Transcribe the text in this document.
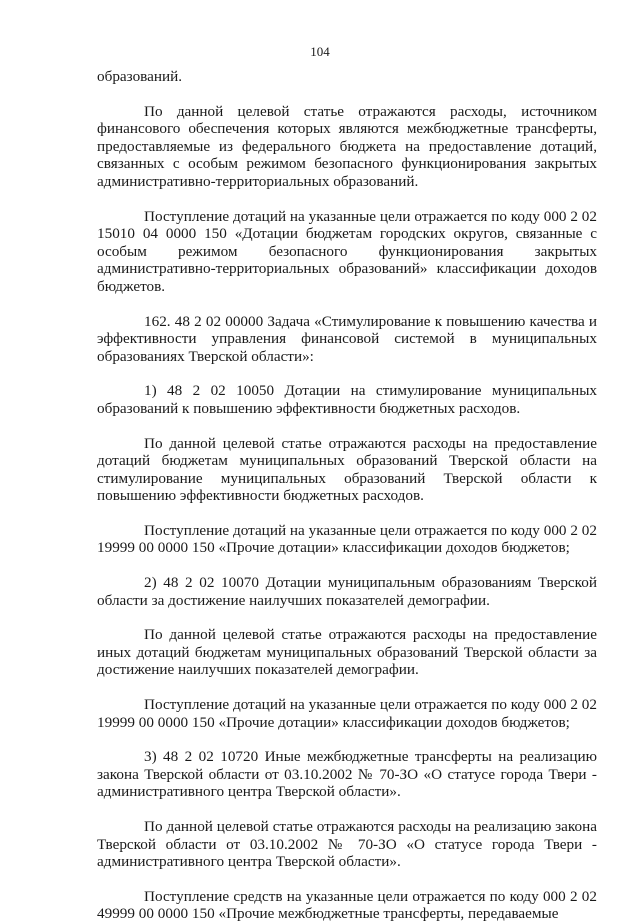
104

образований.

По данной целевой статье отражаются расходы, источником финансового обеспечения которых являются межбюджетные трансферты, предоставляемые из федерального бюджета на предоставление дотаций, связанных с особым режимом безопасного функционирования закрытых административно-территориальных образований.

Поступление дотаций на указанные цели отражается по коду 000 2 02 15010 04 0000 150 «Дотации бюджетам городских округов, связанные с особым режимом безопасного функционирования закрытых административно-территориальных образований» классификации доходов бюджетов.

162. 48 2 02 00000 Задача «Стимулирование к повышению качества и эффективности управления финансовой системой в муниципальных образованиях Тверской области»:

1) 48 2 02 10050 Дотации на стимулирование муниципальных образований к повышению эффективности бюджетных расходов.

По данной целевой статье отражаются расходы на предоставление дотаций бюджетам муниципальных образований Тверской области на стимулирование муниципальных образований Тверской области к повышению эффективности бюджетных расходов.

Поступление дотаций на указанные цели отражается по коду 000 2 02 19999 00 0000 150 «Прочие дотации» классификации доходов бюджетов;

2) 48 2 02 10070 Дотации муниципальным образованиям Тверской области за достижение наилучших показателей демографии.

По данной целевой статье отражаются расходы на предоставление иных дотаций бюджетам муниципальных образований Тверской области за достижение наилучших показателей демографии.

Поступление дотаций на указанные цели отражается по коду 000 2 02 19999 00 0000 150 «Прочие дотации» классификации доходов бюджетов;

3) 48 2 02 10720 Иные межбюджетные трансферты на реализацию закона Тверской области от 03.10.2002 № 70-ЗО «О статусе города Твери - административного центра Тверской области».

По данной целевой статье отражаются расходы на реализацию закона Тверской области от 03.10.2002 № 70-ЗО «О статусе города Твери - административного центра Тверской области».

Поступление средств на указанные цели отражается по коду 000 2 02 49999 00 0000 150 «Прочие межбюджетные трансферты, передаваемые
